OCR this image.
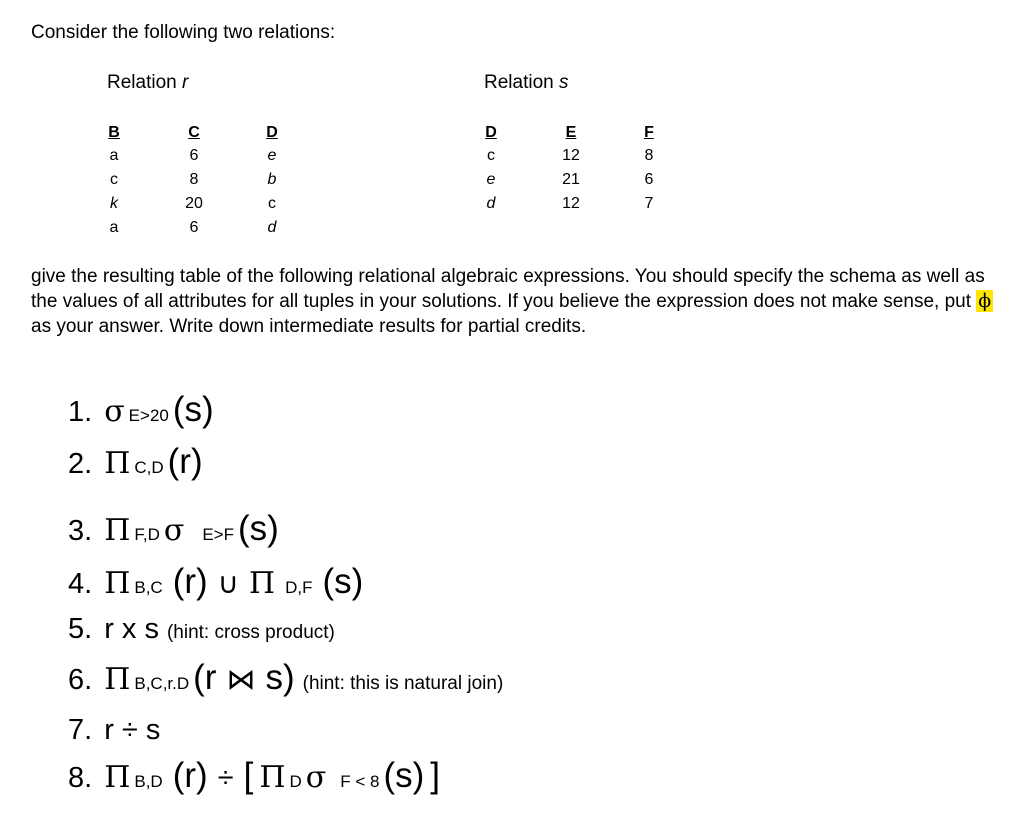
Consider the following two relations:
Relation r
B	C	D
a	6	e
c	8	b
k	20	c
a	6	d
Relation s
D	E	F
c	12	8
e	21	6
d	12	7
give the resulting table of the following relational algebraic expressions. You should specify the schema as well as the values of all attributes for all tuples in your solutions. If you believe the expression does not make sense, put ϕ as your answer. Write down intermediate results for partial credits.
1. σ E>20 (s)
2. Π C,D (r)
3. Π F,D σ E>F (s)
4. Π B,C (r) ∪ Π D,F (s)
5. r x s (hint: cross product)
6. Π B,C,r.D (r ⋈ s) (hint: this is natural join)
7. r ÷ s
8. Π B,D (r) ÷ [ Π D σ F < 8 (s) ]
